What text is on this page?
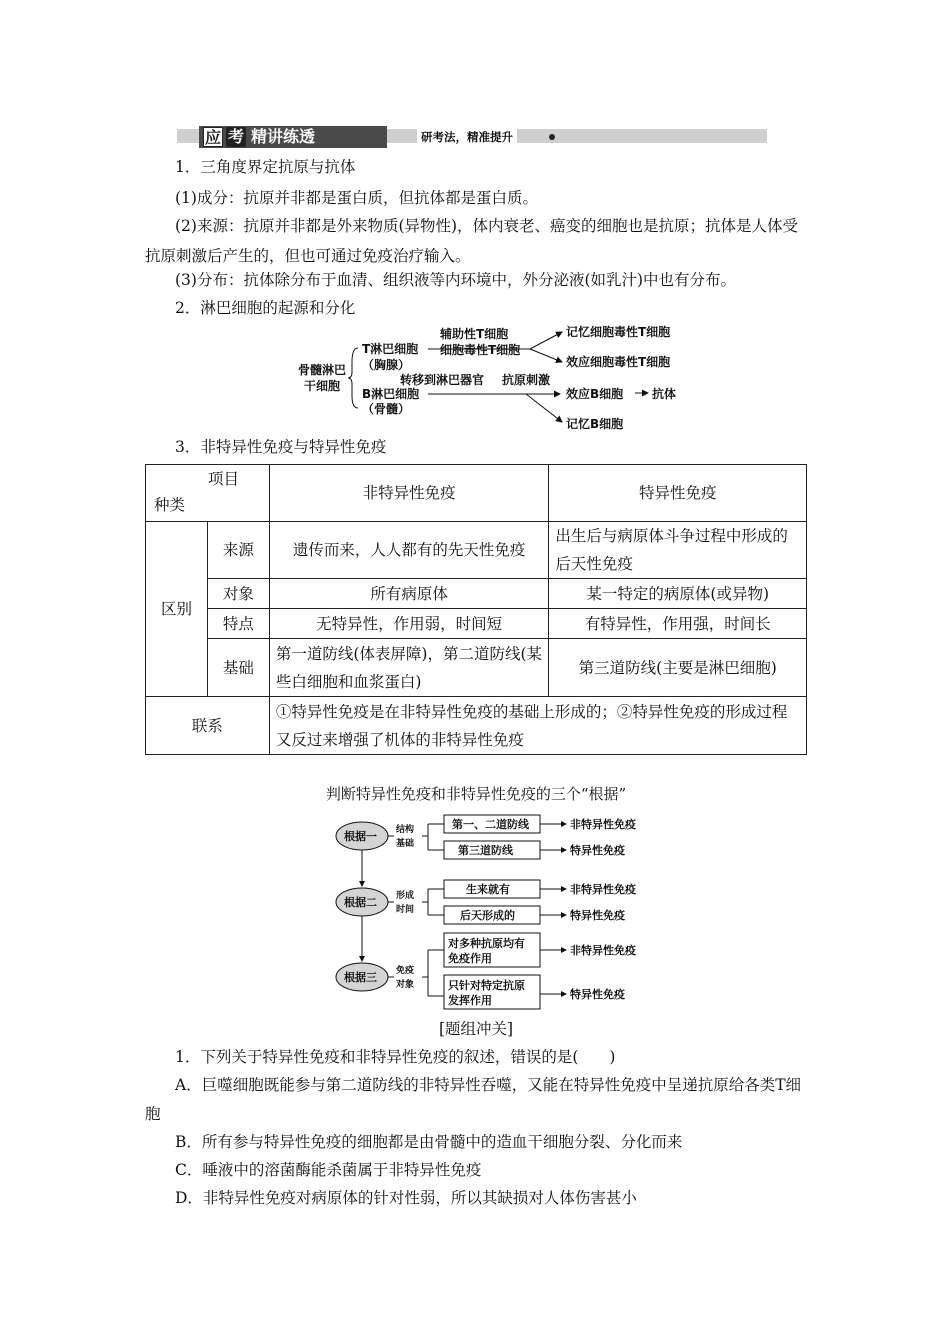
应 考 精讲练透	研考法，精准提升
1．三角度界定抗原与抗体
(1)成分：抗原并非都是蛋白质，但抗体都是蛋白质。
(2)来源：抗原并非都是外来物质(异物性)，体内衰老、癌变的细胞也是抗原；抗体是人体受抗原刺激后产生的，但也可通过免疫治疗输入。
(3)分布：抗体除分布于血清、组织液等内环境中，外分泌液(如乳汁)中也有分布。
2．淋巴细胞的起源和分化
骨髓淋巴
干细胞
T淋巴细胞
（胸腺）
B淋巴细胞
（骨髓）
辅助性T细胞
细胞毒性T细胞
转移到淋巴器官 抗原刺激
记忆细胞毒性T细胞
效应细胞毒性T细胞
效应B细胞 抗体
记忆B细胞
3．非特异性免疫与特异性免疫
项目
种类		非特异性免疫	特异性免疫
区别	来源	遗传而来，人人都有的先天性免疫	出生后与病原体斗争过程中形成的后天性免疫
	对象	所有病原体	某一特定的病原体(或异物)
	特点	无特异性，作用弱，时间短	有特异性，作用强，时间长
	基础	第一道防线(体表屏障)，第二道防线(某些白细胞和血浆蛋白)	第三道防线(主要是淋巴细胞)
联系		①特异性免疫是在非特异性免疫的基础上形成的；②特异性免疫的形成过程又反过来增强了机体的非特异性免疫	
判断特异性免疫和非特异性免疫的三个“根据”
根据一
根据二
根据三
结构
基础
形成
时间
免疫
对象
第一、二道防线
第三道防线
生来就有
后天形成的
对多种抗原均有
免疫作用
只针对特定抗原
发挥作用
非特异性免疫
特异性免疫
非特异性免疫
特异性免疫
非特异性免疫
特异性免疫
[题组冲关]
1．下列关于特异性免疫和非特异性免疫的叙述，错误的是(　　)
A．巨噬细胞既能参与第二道防线的非特异性吞噬，又能在特异性免疫中呈递抗原给各类T细胞
B．所有参与特异性免疫的细胞都是由骨髓中的造血干细胞分裂、分化而来
C．唾液中的溶菌酶能杀菌属于非特异性免疫
D．非特异性免疫对病原体的针对性弱，所以其缺损对人体伤害甚小
